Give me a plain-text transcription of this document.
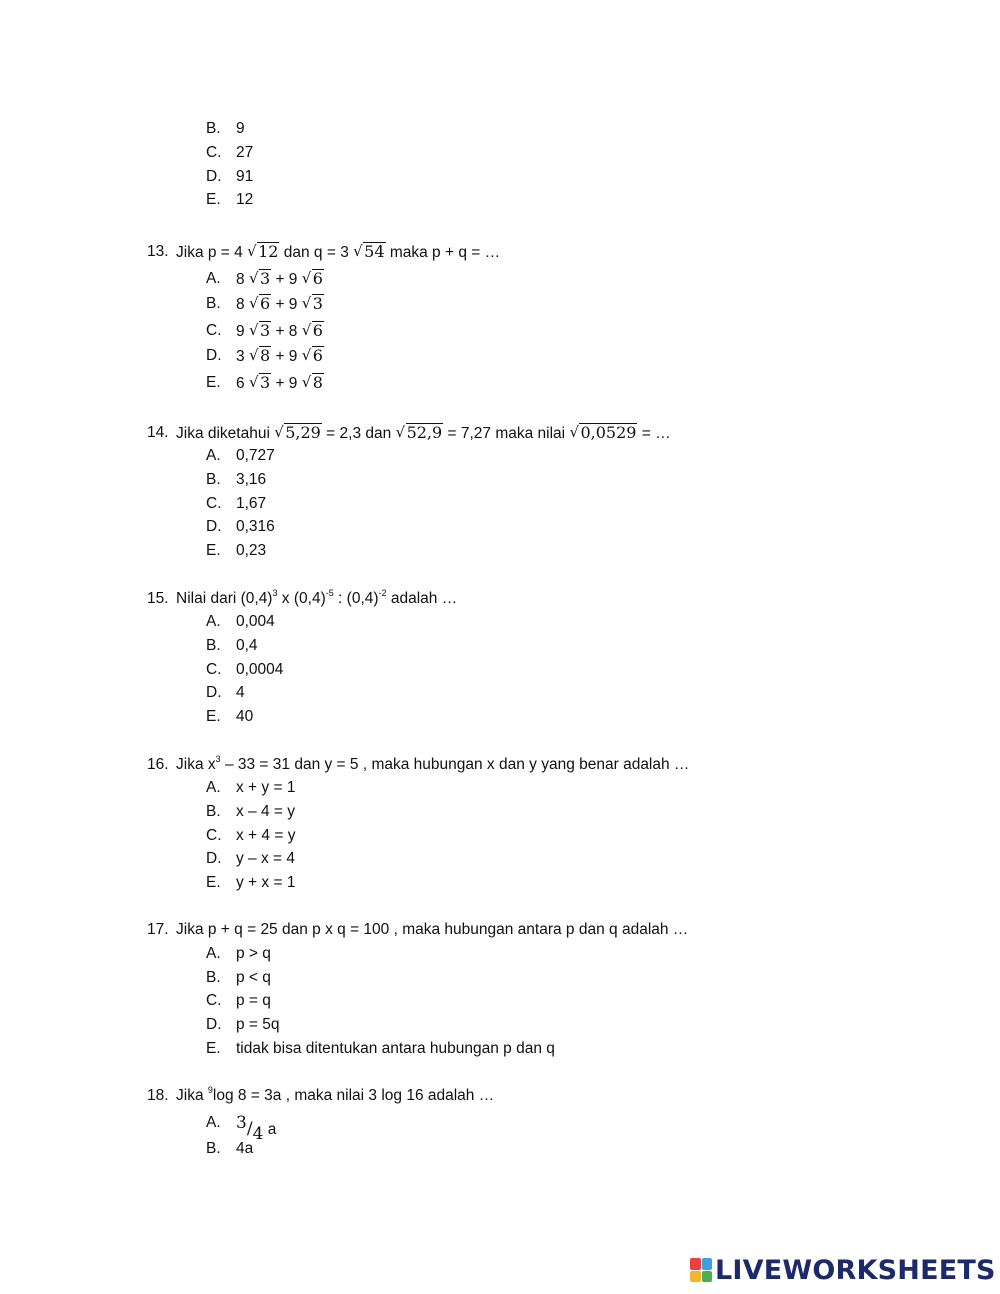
B. 9
C. 27
D. 91
E. 12
13. Jika p = 4 √ 12 dan q = 3 √ 54 maka p + q = …
A. 8 √ 3 + 9 √ 6
B. 8 √ 6 + 9 √ 3
C. 9 √ 3 + 8 √ 6
D. 3 √ 8 + 9 √ 6
E. 6 √ 3 + 9 √ 8
14. Jika diketahui √ 5,29 = 2,3 dan √ 52,9 = 7,27 maka nilai √ 0,0529 = …
A. 0,727
B. 3,16
C. 1,67
D. 0,316
E. 0,23
15. Nilai dari $(0,4)^3$ x $(0,4)^{-5}$ : $(0,4)^{-2}$ adalah …
A. 0,004
B. 0,4
C. 0,0004
D. 4
E. 40
16. Jika $x^3 - 33 = 31$ dan y = 5 , maka hubungan x dan y yang benar adalah …
A. x + y = 1
B. x – 4 = y
C. x + 4 = y
D. y – x = 4
E. y + x = 1
17. Jika p + q = 25 dan p x q = 100 , maka hubungan antara p dan q adalah …
A. p > q
B. p < q
C. p = q
D. p = 5q
E. tidak bisa ditentukan antara hubungan p dan q
18. Jika $^9$log 8 = 3a , maka nilai 3 log 16 adalah …
A. 3/4 a
B. 4a
LIVEWORKSHEETS
